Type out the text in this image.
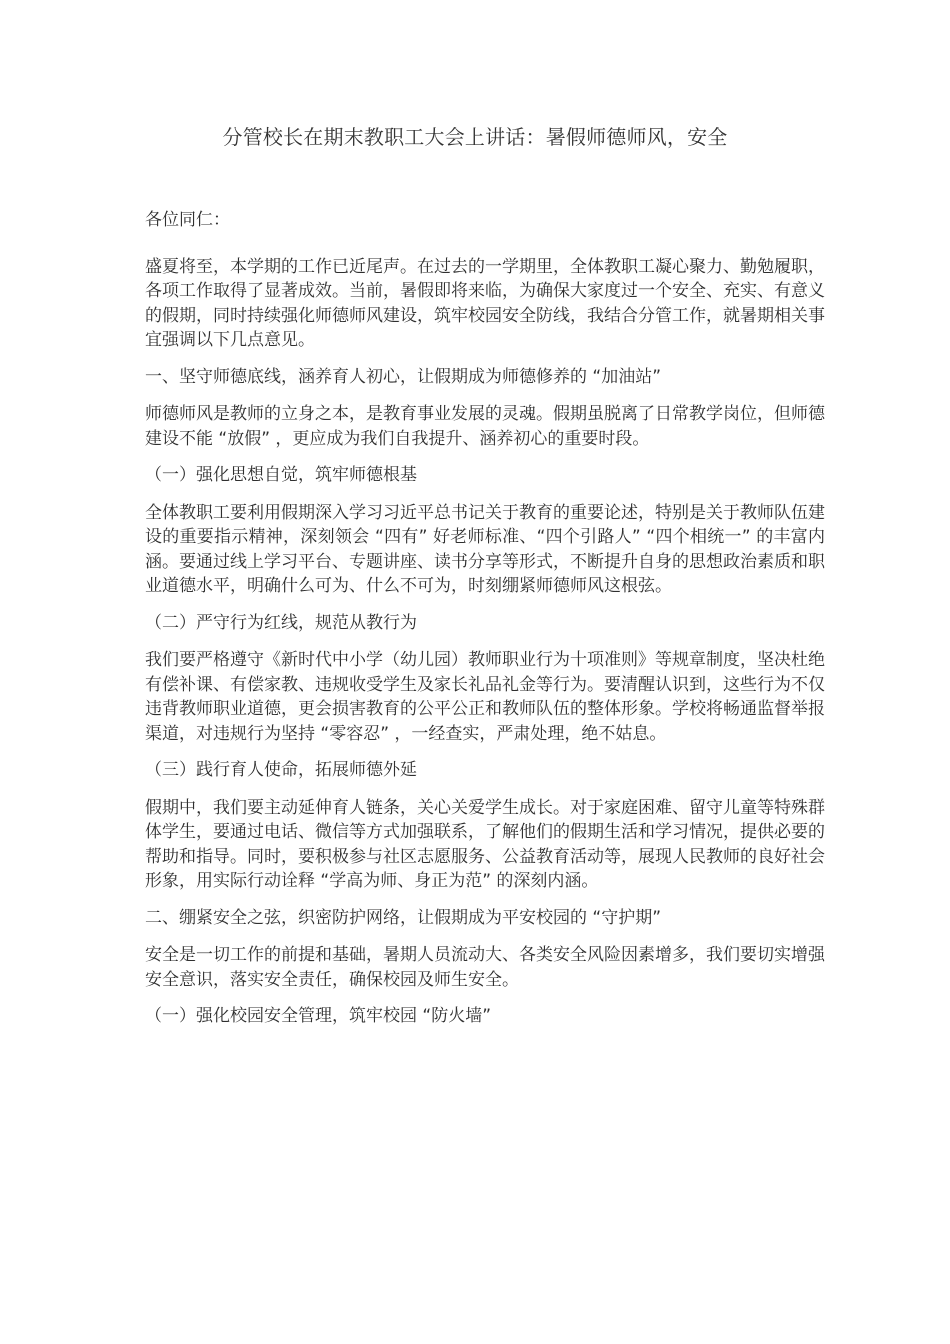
分管校长在期末教职工大会上讲话：暑假师德师风，安全

各位同仁：

盛夏将至，本学期的工作已近尾声。在过去的一学期里，全体教职工凝心聚力、勤勉履职，各项工作取得了显著成效。当前，暑假即将来临，为确保大家度过一个安全、充实、有意义的假期，同时持续强化师德师风建设，筑牢校园安全防线，我结合分管工作，就暑期相关事宜强调以下几点意见。

一、坚守师德底线，涵养育人初心，让假期成为师德修养的 “加油站”

师德师风是教师的立身之本，是教育事业发展的灵魂。假期虽脱离了日常教学岗位，但师德建设不能 “放假” ，更应成为我们自我提升、涵养初心的重要时段。

（一）强化思想自觉，筑牢师德根基

全体教职工要利用假期深入学习习近平总书记关于教育的重要论述，特别是关于教师队伍建设的重要指示精神，深刻领会 “四有” 好老师标准、“四个引路人” “四个相统一” 的丰富内涵。要通过线上学习平台、专题讲座、读书分享等形式，不断提升自身的思想政治素质和职业道德水平，明确什么可为、什么不可为，时刻绷紧师德师风这根弦。

（二）严守行为红线，规范从教行为

我们要严格遵守《新时代中小学（幼儿园）教师职业行为十项准则》等规章制度，坚决杜绝有偿补课、有偿家教、违规收受学生及家长礼品礼金等行为。要清醒认识到，这些行为不仅违背教师职业道德，更会损害教育的公平公正和教师队伍的整体形象。学校将畅通监督举报渠道，对违规行为坚持 “零容忍” ，一经查实，严肃处理，绝不姑息。

（三）践行育人使命，拓展师德外延

假期中，我们要主动延伸育人链条，关心关爱学生成长。对于家庭困难、留守儿童等特殊群体学生，要通过电话、微信等方式加强联系，了解他们的假期生活和学习情况，提供必要的帮助和指导。同时，要积极参与社区志愿服务、公益教育活动等，展现人民教师的良好社会形象，用实际行动诠释 “学高为师、身正为范” 的深刻内涵。

二、绷紧安全之弦，织密防护网络，让假期成为平安校园的 “守护期”

安全是一切工作的前提和基础，暑期人员流动大、各类安全风险因素增多，我们要切实增强安全意识，落实安全责任，确保校园及师生安全。

（一）强化校园安全管理，筑牢校园 “防火墙”
